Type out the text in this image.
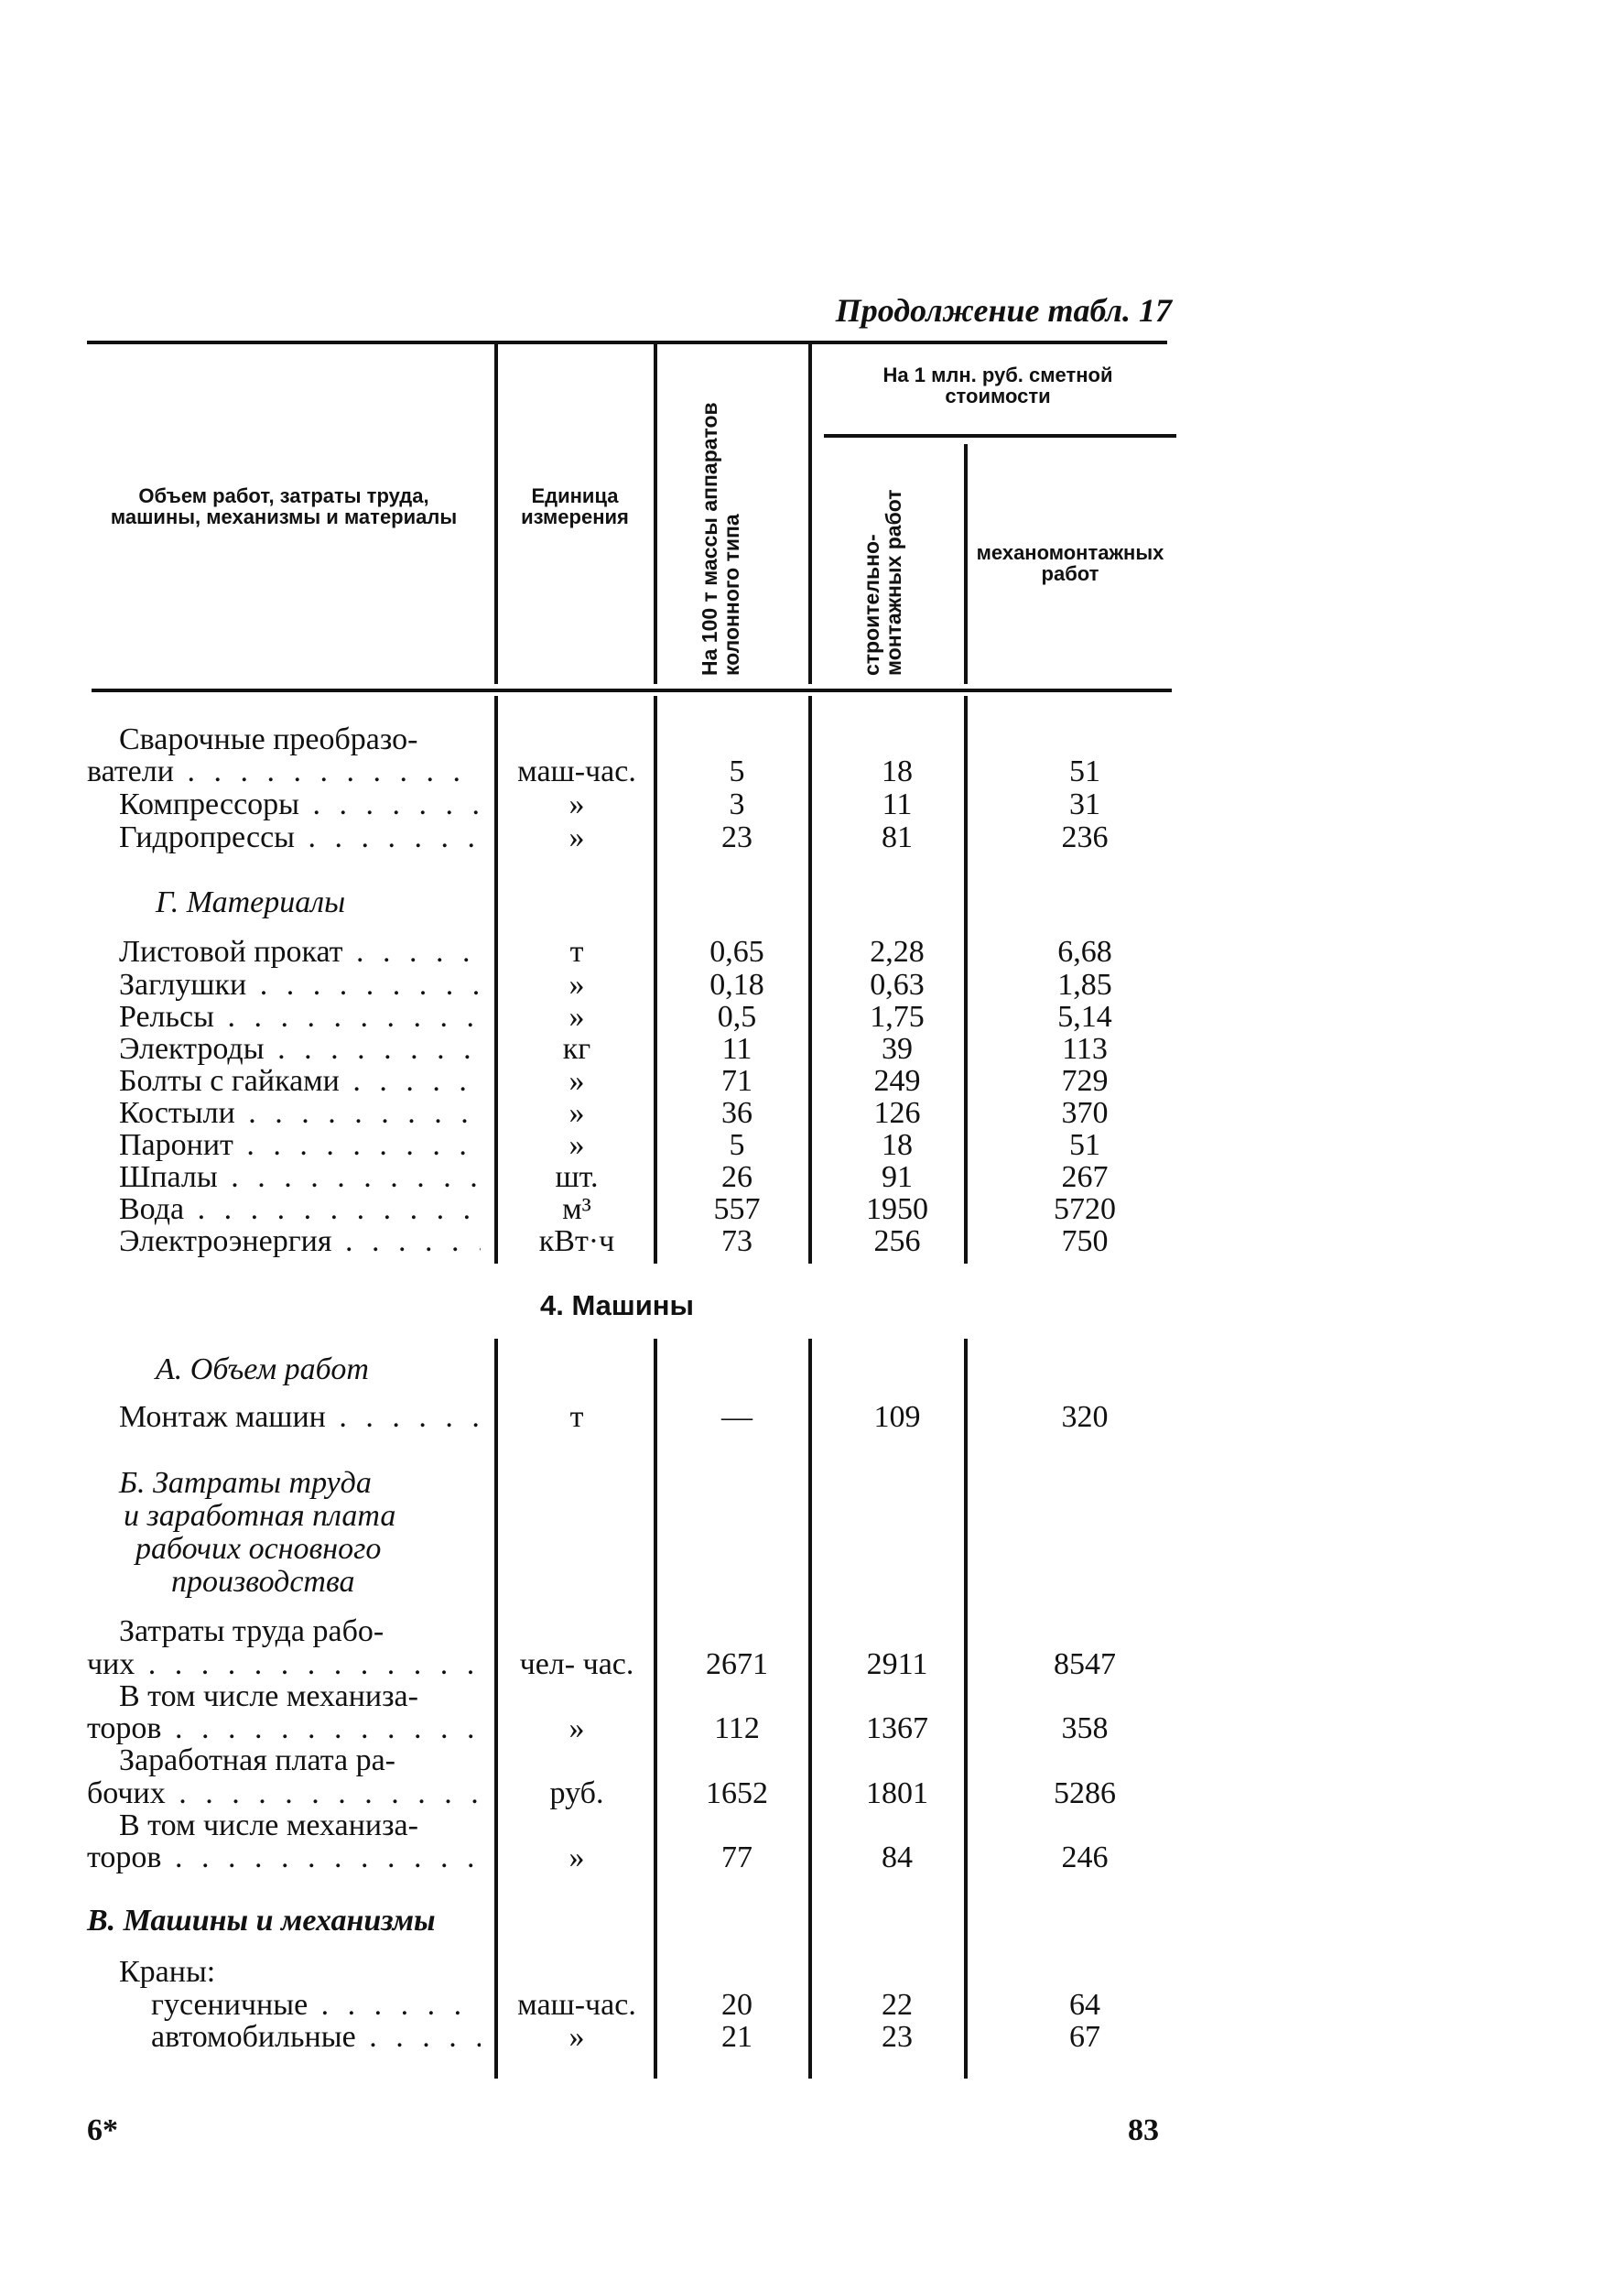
Продолжение табл. 17
Объем работ, затраты труда, машины, механизмы и материалы
Единица измерения	На 100 т массы аппаратов колонного типа
На 1 млн. руб. сметной стоимости
строительно-монтажных работ	механомонтажных работ
Сварочные преобразо-
ватели . . .	маш-час.	5	18	51
Компрессоры . . .	»	3	11	31
Гидропрессы . . .	»	23	81	236
Г. Материалы
Листовой прокат . . .	т	0,65	2,28	6,68
Заглушки . . .	»	0,18	0,63	1,85
Рельсы . . .	»	0,5	1,75	5,14
Электроды . . .	кг	11	39	113
Болты с гайками . . .	»	71	249	729
Костыли . . .	»	36	126	370
Паронит . . .	»	5	18	51
Шпалы . . .	шт.	26	91	267
Вода . . .	м³	557	1950	5720
Электроэнергия . . .	кВт·ч	73	256	750
4. Машины
А. Объем работ
Монтаж машин . . .	т	—	109	320
Б. Затраты труда
и заработная плата
рабочих основного
производства
Затраты труда рабо-
чих . . .	чел- час.	2671	2911	8547
В том числе механиза-
торов . . .	»	112	1367	358
Заработная плата ра-
бочих . . .	руб.	1652	1801	5286
В том числе механиза-
торов . . .	»	77	84	246
В. Машины и механизмы
Краны:
гусеничные . . .	маш-час.	20	22	64
автомобильные . . .	»	21	23	67
6*	83
